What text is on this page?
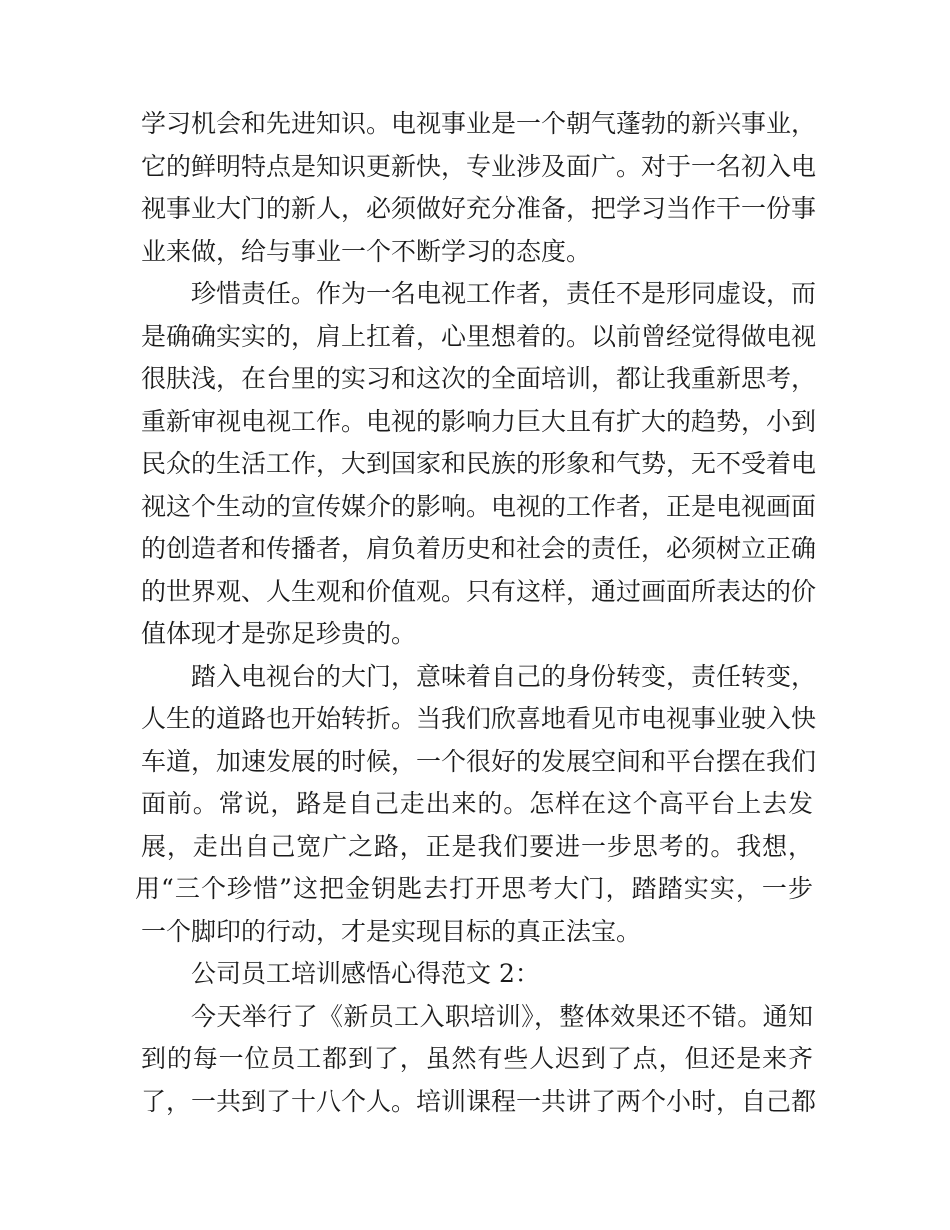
学习机会和先进知识。电视事业是一个朝气蓬勃的新兴事业，
它的鲜明特点是知识更新快，专业涉及面广。对于一名初入电
视事业大门的新人，必须做好充分准备，把学习当作干一份事
业来做，给与事业一个不断学习的态度。
珍惜责任。作为一名电视工作者，责任不是形同虚设，而
是确确实实的，肩上扛着，心里想着的。以前曾经觉得做电视
很肤浅，在台里的实习和这次的全面培训，都让我重新思考，
重新审视电视工作。电视的影响力巨大且有扩大的趋势，小到
民众的生活工作，大到国家和民族的形象和气势，无不受着电
视这个生动的宣传媒介的影响。电视的工作者，正是电视画面
的创造者和传播者，肩负着历史和社会的责任，必须树立正确
的世界观、人生观和价值观。只有这样，通过画面所表达的价
值体现才是弥足珍贵的。
踏入电视台的大门，意味着自己的身份转变，责任转变，
人生的道路也开始转折。当我们欣喜地看见市电视事业驶入快
车道，加速发展的时候，一个很好的发展空间和平台摆在我们
面前。常说，路是自己走出来的。怎样在这个高平台上去发
展，走出自己宽广之路，正是我们要进一步思考的。我想，
用“三个珍惜”这把金钥匙去打开思考大门，踏踏实实，一步
一个脚印的行动，才是实现目标的真正法宝。
公司员工培训感悟心得范文 2：
今天举行了《新员工入职培训》，整体效果还不错。通知
到的每一位员工都到了，虽然有些人迟到了点，但还是来齐
了，一共到了十八个人。培训课程一共讲了两个小时，自己都
